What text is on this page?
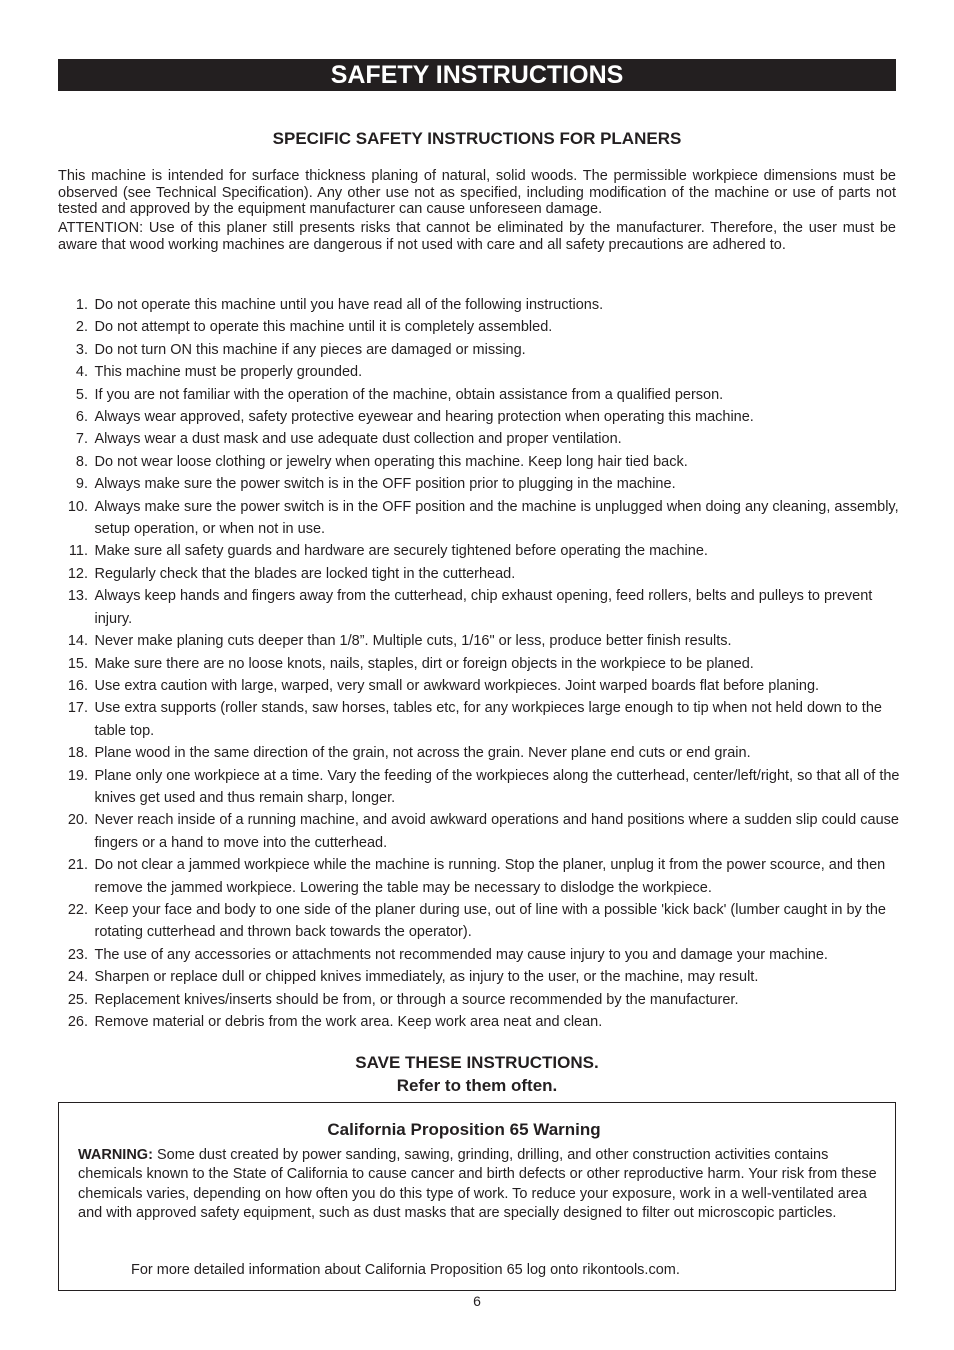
SAFETY INSTRUCTIONS
SPECIFIC SAFETY INSTRUCTIONS FOR PLANERS

This machine is intended for surface thickness planing of natural, solid woods. The permissible workpiece dimensions must be observed (see Technical Specification). Any other use not as specified, including modification of the machine or use of parts not tested and approved by the equipment manufacturer can cause unforeseen damage.

ATTENTION: Use of this planer still presents risks that cannot be eliminated by the manufacturer. Therefore, the user must be aware that wood working machines are dangerous if not used with care and all safety precautions are adhered to.

1. Do not operate this machine until you have read all of the following instructions.
2. Do not attempt to operate this machine until it is completely assembled.
3. Do not turn ON this machine if any pieces are damaged or missing.
4. This machine must be properly grounded.
5. If you are not familiar with the operation of the machine, obtain assistance from a qualified person.
6. Always wear approved, safety protective eyewear and hearing protection when operating this machine.
7. Always wear a dust mask and use adequate dust collection and proper ventilation.
8. Do not wear loose clothing or jewelry when operating this machine. Keep long hair tied back.
9. Always make sure the power switch is in the OFF position prior to plugging in the machine.
10. Always make sure the power switch is in the OFF position and the machine is unplugged when doing any cleaning, assembly, setup operation, or when not in use.
11. Make sure all safety guards and hardware are securely tightened before operating the machine.
12. Regularly check that the blades are locked tight in the cutterhead.
13. Always keep hands and fingers away from the cutterhead, chip exhaust opening, feed rollers, belts and pulleys to prevent injury.
14. Never make planing cuts deeper than 1/8”. Multiple cuts, 1/16" or less, produce better finish results.
15. Make sure there are no loose knots, nails, staples, dirt or foreign objects in the workpiece to be planed.
16. Use extra caution with large, warped, very small or awkward workpieces. Joint warped boards flat before planing.
17. Use extra supports (roller stands, saw horses, tables etc, for any workpieces large enough to tip when not held down to the table top.
18. Plane wood in the same direction of the grain, not across the grain. Never plane end cuts or end grain.
19. Plane only one workpiece at a time. Vary the feeding of the workpieces along the cutterhead, center/left/right, so that all of the knives get used and thus remain sharp, longer.
20. Never reach inside of a running machine, and avoid awkward operations and hand positions where a sudden slip could cause fingers or a hand to move into the cutterhead.
21. Do not clear a jammed workpiece while the machine is running. Stop the planer, unplug it from the power scource, and then remove the jammed workpiece. Lowering the table may be necessary to dislodge the workpiece.
22. Keep your face and body to one side of the planer during use, out of line with a possible 'kick back' (lumber caught in by the rotating cutterhead and thrown back towards the operator).
23. The use of any accessories or attachments not recommended may cause injury to you and damage your machine.
24. Sharpen or replace dull or chipped knives immediately, as injury to the user, or the machine, may result.
25. Replacement knives/inserts should be from, or through a source recommended by the manufacturer.
26. Remove material or debris from the work area. Keep work area neat and clean.
SAVE THESE INSTRUCTIONS.
Refer to them often.
California Proposition 65 Warning
WARNING: Some dust created by power sanding, sawing, grinding, drilling, and other construction activities contains chemicals known to the State of California to cause cancer and birth defects or other reproductive harm. Your risk from these chemicals varies, depending on how often you do this type of work. To reduce your exposure, work in a well-ventilated area and with approved safety equipment, such as dust masks that are specially designed to filter out microscopic particles.
For more detailed information about California Proposition 65 log onto rikontools.com.
6
